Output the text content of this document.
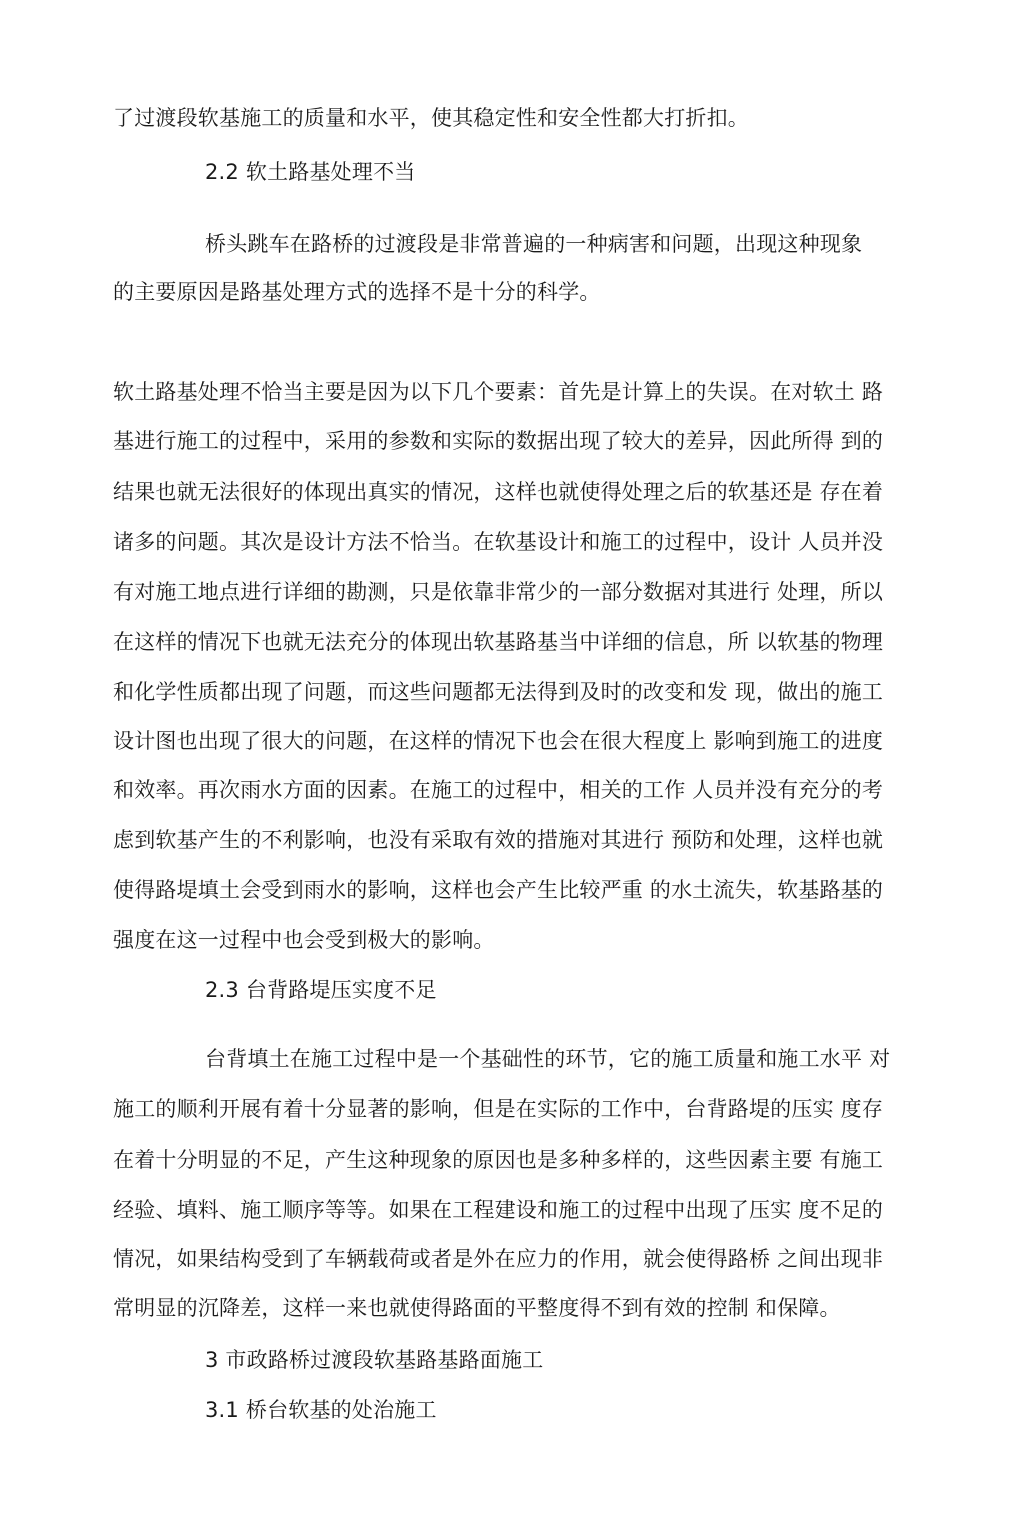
了过渡段软基施工的质量和水平，使其稳定性和安全性都大打折扣。
2.2 软土路基处理不当
桥头跳车在路桥的过渡段是非常普遍的一种病害和问题，出现这种现象
的主要原因是路基处理方式的选择不是十分的科学。
软土路基处理不恰当主要是因为以下几个要素：首先是计算上的失误。在对软土 路
基进行施工的过程中，采用的参数和实际的数据出现了较大的差异，因此所得 到的
结果也就无法很好的体现出真实的情况，这样也就使得处理之后的软基还是 存在着
诸多的问题。其次是设计方法不恰当。在软基设计和施工的过程中，设计 人员并没
有对施工地点进行详细的勘测，只是依靠非常少的一部分数据对其进行 处理，所以
在这样的情况下也就无法充分的体现出软基路基当中详细的信息，所 以软基的物理
和化学性质都出现了问题，而这些问题都无法得到及时的改变和发 现，做出的施工
设计图也出现了很大的问题，在这样的情况下也会在很大程度上 影响到施工的进度
和效率。再次雨水方面的因素。在施工的过程中，相关的工作 人员并没有充分的考
虑到软基产生的不利影响，也没有采取有效的措施对其进行 预防和处理，这样也就
使得路堤填土会受到雨水的影响，这样也会产生比较严重 的水土流失，软基路基的
强度在这一过程中也会受到极大的影响。
2.3 台背路堤压实度不足
台背填土在施工过程中是一个基础性的环节，它的施工质量和施工水平 对
施工的顺利开展有着十分显著的影响，但是在实际的工作中，台背路堤的压实 度存
在着十分明显的不足，产生这种现象的原因也是多种多样的，这些因素主要 有施工
经验、填料、施工顺序等等。如果在工程建设和施工的过程中出现了压实 度不足的
情况，如果结构受到了车辆载荷或者是外在应力的作用，就会使得路桥 之间出现非
常明显的沉降差，这样一来也就使得路面的平整度得不到有效的控制 和保障。
3 市政路桥过渡段软基路基路面施工
3.1 桥台软基的处治施工
